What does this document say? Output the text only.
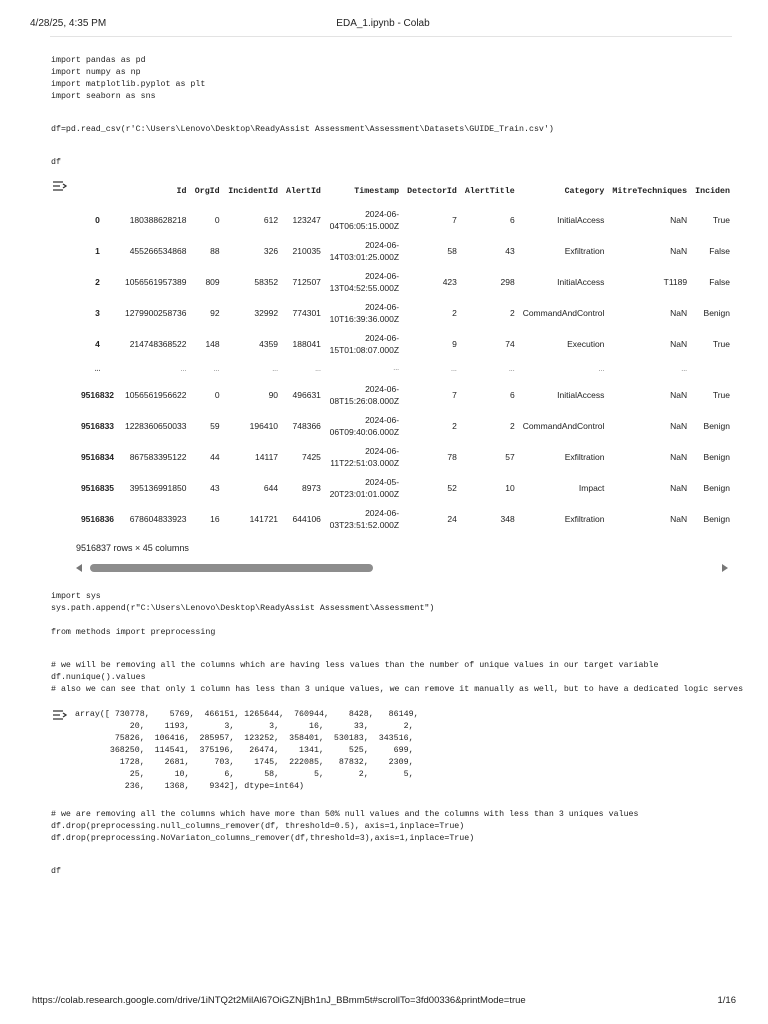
4/28/25, 4:35 PM	EDA_1.ipynb - Colab
import pandas as pd
import numpy as np
import matplotlib.pyplot as plt
import seaborn as sns
df=pd.read_csv(r'C:\Users\Lenovo\Desktop\ReadyAssist Assessment\Assessment\Datasets\GUIDE_Train.csv')
df
	Id	OrgId	IncidentId	AlertId	Timestamp	DetectorId	AlertTitle	Category	MitreTechniques	Inciden
0	180388628218	0	612	123247	2024-06-
04T06:05:15.000Z	7	6	InitialAccess	NaN	True
1	455266534868	88	326	210035	2024-06-
14T03:01:25.000Z	58	43	Exfiltration	NaN	False
2	1056561957389	809	58352	712507	2024-06-
13T04:52:55.000Z	423	298	InitialAccess	T1189	False
3	1279900258736	92	32992	774301	2024-06-
10T16:39:36.000Z	2	2	CommandAndControl	NaN	Benign
4	214748368522	148	4359	188041	2024-06-
15T01:08:07.000Z	9	74	Execution	NaN	True
...	...	...	...	...	...	...	...	...	...	
9516832	1056561956622	0	90	496631	2024-06-
08T15:26:08.000Z	7	6	InitialAccess	NaN	True
9516833	1228360650033	59	196410	748366	2024-06-
06T09:40:06.000Z	2	2	CommandAndControl	NaN	Benign
9516834	867583395122	44	14117	7425	2024-06-
11T22:51:03.000Z	78	57	Exfiltration	NaN	Benign
9516835	395136991850	43	644	8973	2024-05-
20T23:01:01.000Z	52	10	Impact	NaN	Benign
9516836	678604833923	16	141721	644106	2024-06-
03T23:51:52.000Z	24	348	Exfiltration	NaN	Benign
9516837 rows × 45 columns
import sys
sys.path.append(r"C:\Users\Lenovo\Desktop\ReadyAssist Assessment\Assessment")
from methods import preprocessing
# we will be removing all the columns which are having less values than the number of unique values in our target variable
df.nunique().values
# also we can see that only 1 column has less than 3 unique values, we can remove it manually as well, but to have a dedicated logic serves
array([ 730778,    5769,  466151, 1265644,  760944,    8428,   86149,
20,    1193,       3,       3,      16,      33,       2,
75826,  106416,  285957,  123252,  358401,  530183,  343516,
368250,  114541,  375196,   26474,    1341,     525,     699,
1728,    2681,     703,    1745,  222085,   87832,    2309,
25,      10,       6,      58,       5,       2,       5,
236,    1368,    9342], dtype=int64)
# we are removing all the columns which have more than 50% null values and the columns with less than 3 uniques values
df.drop(preprocessing.null_columns_remover(df, threshold=0.5), axis=1,inplace=True)
df.drop(preprocessing.NoVariaton_columns_remover(df,threshold=3),axis=1,inplace=True)
df
https://colab.research.google.com/drive/1iNTQ2t2MilAl67OiGZNjBh1nJ_BBmm5t#scrollTo=3fd00336&printMode=true	1/16
